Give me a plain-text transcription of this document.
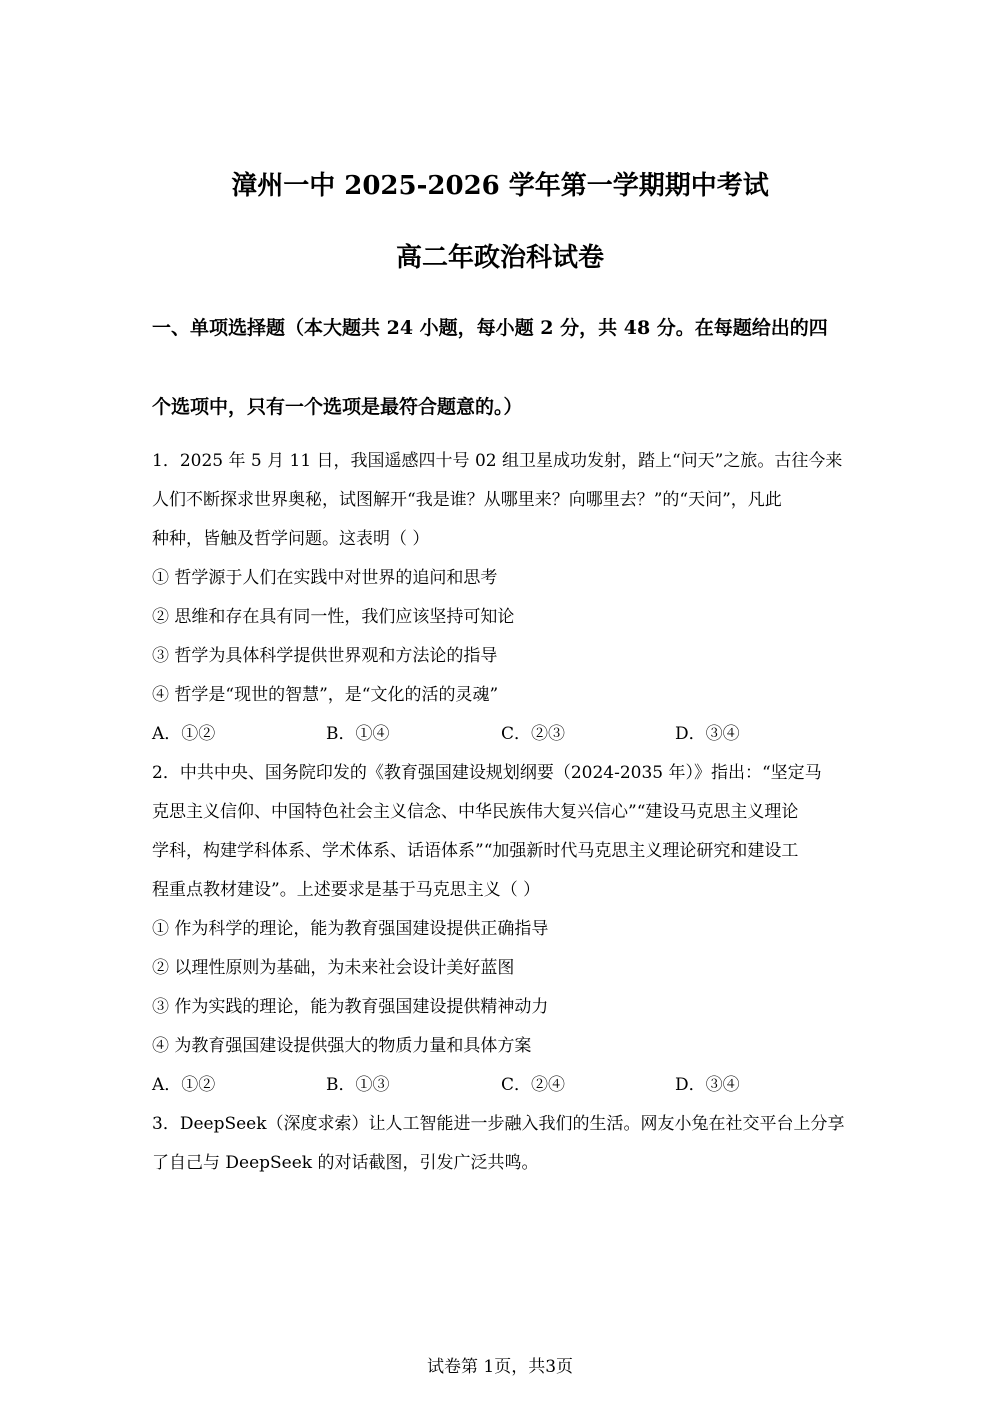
漳州一中 2025-2026 学年第一学期期中考试
高二年政治科试卷
一、单项选择题（本大题共 24 小题，每小题 2 分，共 48 分。在每题给出的四
个选项中，只有一个选项是最符合题意的。）
1．2025 年 5 月 11 日，我国遥感四十号 02 组卫星成功发射，踏上“问天”之旅。古往今来
人们不断探求世界奥秘，试图解开“我是谁？从哪里来？向哪里去？”的“天问”，凡此
种种，皆触及哲学问题。这表明（ ）
① 哲学源于人们在实践中对世界的追问和思考
② 思维和存在具有同一性，我们应该坚持可知论
③ 哲学为具体科学提供世界观和方法论的指导
④ 哲学是“现世的智慧”，是“文化的活的灵魂”
A．①②	B．①④	C．②③	D．③④
2．中共中央、国务院印发的《教育强国建设规划纲要（2024-2035 年）》指出：“坚定马
克思主义信仰、中国特色社会主义信念、中华民族伟大复兴信心”“建设马克思主义理论
学科，构建学科体系、学术体系、话语体系”“加强新时代马克思主义理论研究和建设工
程重点教材建设”。上述要求是基于马克思主义（ ）
① 作为科学的理论，能为教育强国建设提供正确指导
② 以理性原则为基础，为未来社会设计美好蓝图
③ 作为实践的理论，能为教育强国建设提供精神动力
④ 为教育强国建设提供强大的物质力量和具体方案
A．①②	B．①③	C．②④	D．③④
3．DeepSeek（深度求索）让人工智能进一步融入我们的生活。网友小兔在社交平台上分享
了自己与 DeepSeek 的对话截图，引发广泛共鸣。
试卷第 1页，共3页
